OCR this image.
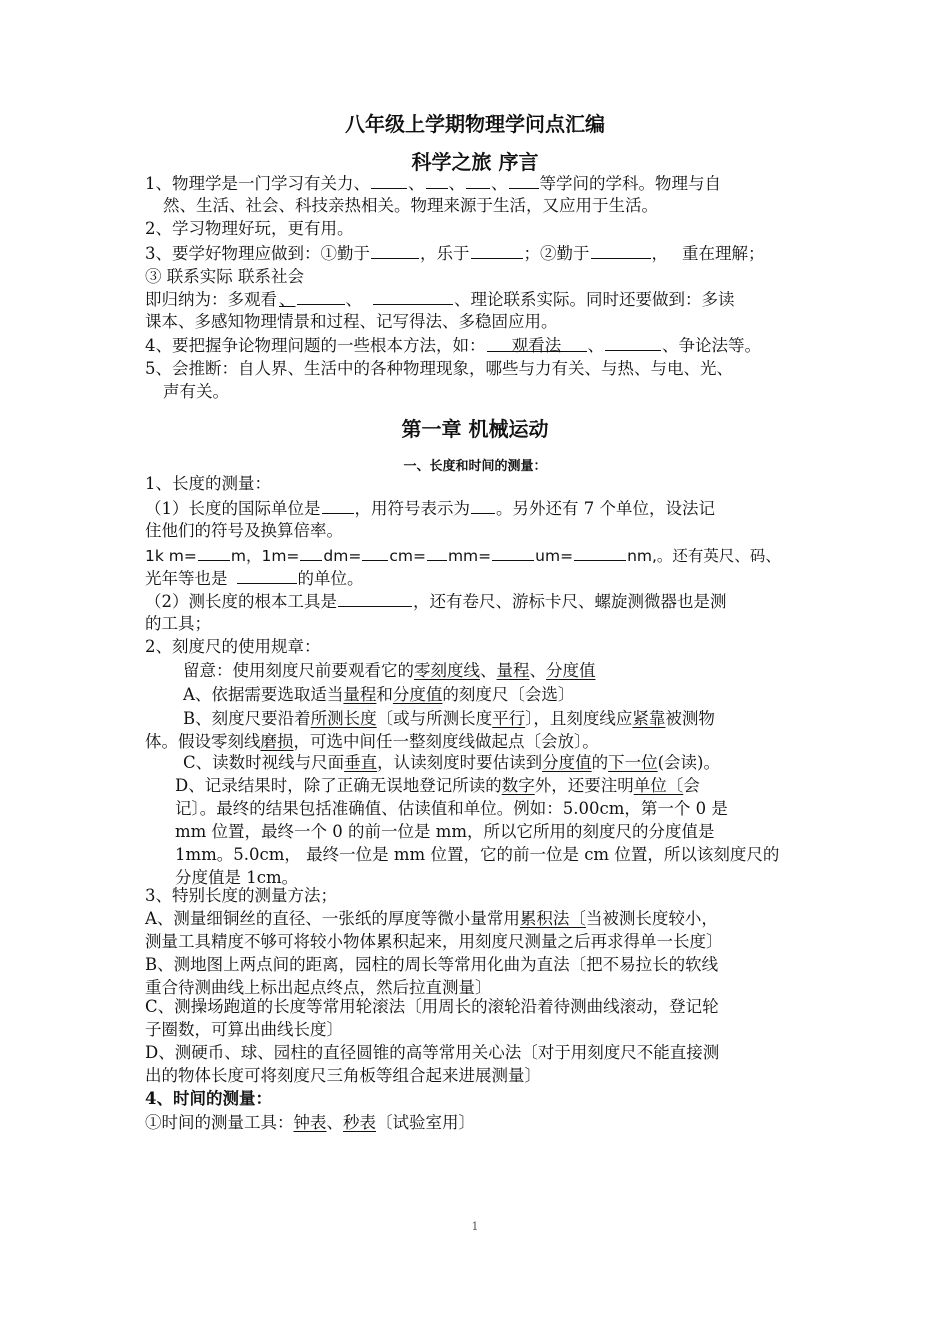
八年级上学期物理学问点汇编
科学之旅 序言
1、物理学是一门学习有关力、 、 、 、 等学问的学科。物理与自
然、生活、社会、科技亲热相关。物理来源于生活，又应用于生活。
2、学习物理好玩，更有用。
3、要学好物理应做到：①勤于	，乐于	；②勤于	， 重在理解；
③ 联系实际 联系社会
即归纳为：多观看 、	、	、理论联系实际。同时还要做到：多读
课本、多感知物理情景和过程、记写得法、多稳固应用。
4、要把握争论物理问题的一些根本方法，如： 观看法 、	、争论法等。
5、会推断：自人界、生活中的各种物理现象，哪些与力有关、与热、与电、光、
声有关。
第一章 机械运动
一、长度和时间的测量：
1、长度的测量：
（1）长度的国际单位是 ，用符号表示为 。另外还有 7 个单位，设法记
住他们的符号及换算倍率。
1k m= m，1m= dm= cm= mm=	um=	nm,。还有英尺、码、
光年等也是	的单位。
（2）测长度的根本工具是	，还有卷尺、游标卡尺、螺旋测微器也是测
的工具；
2、刻度尺的使用规章：
留意：使用刻度尺前要观看它的零刻度线、量程、分度值
A、依据需要选取适当量程和分度值的刻度尺〔会选〕
B、刻度尺要沿着所测长度〔或与所测长度平行〕，且刻度线应紧靠被测物
体。假设零刻线磨损，可选中间任一整刻度线做起点〔会放〕。
C、读数时视线与尺面垂直，认读刻度时要估读到分度值的下一位(会读)。
D、记录结果时，除了正确无误地登记所读的数字外，还要注明单位〔会
记〕。最终的结果包括准确值、估读值和单位。例如：5.00cm，第一个 0 是
mm 位置，最终一个 0 的前一位是 mm，所以它所用的刻度尺的分度值是
1mm。5.0cm， 最终一位是 mm 位置，它的前一位是 cm 位置，所以该刻度尺的
分度值是 1cm。
3、特别长度的测量方法；
A、测量细铜丝的直径、一张纸的厚度等微小量常用累积法〔当被测长度较小，
测量工具精度不够可将较小物体累积起来，用刻度尺测量之后再求得单一长度〕
B、测地图上两点间的距离，园柱的周长等常用化曲为直法〔把不易拉长的软线
重合待测曲线上标出起点终点，然后拉直测量〕
C、测操场跑道的长度等常用轮滚法〔用周长的滚轮沿着待测曲线滚动，登记轮
子圈数，可算出曲线长度〕
D、测硬币、球、园柱的直径圆锥的高等常用关心法〔对于用刻度尺不能直接测
出的物体长度可将刻度尺三角板等组合起来进展测量〕
4、时间的测量：
①时间的测量工具：钟表、秒表〔试验室用〕
1
